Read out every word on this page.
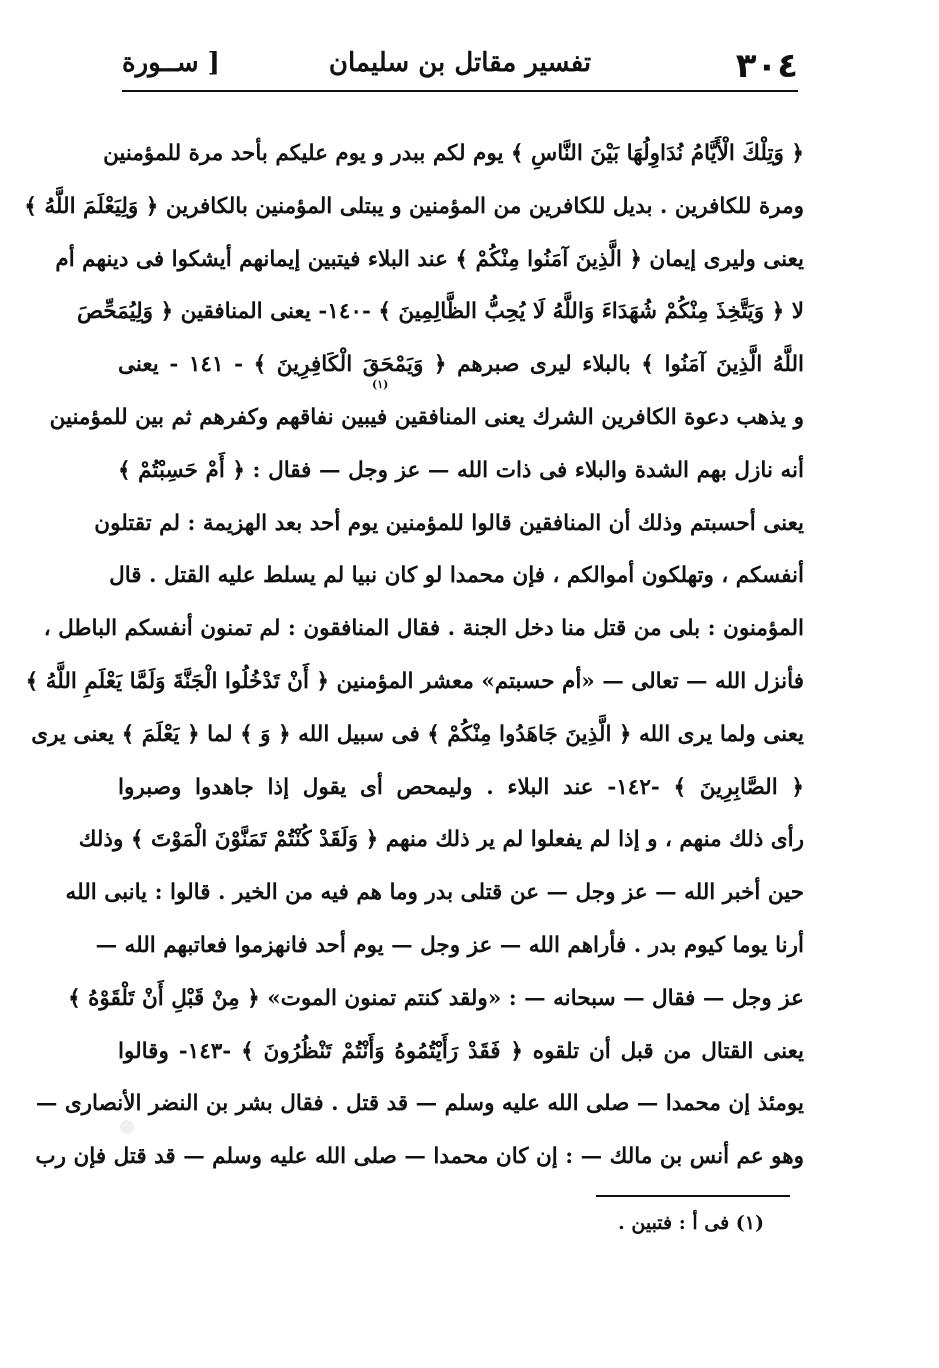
٣٠٤
تفسير مقاتل بن سليمان
[ ســورة
﴿ وَتِلْكَ الْأَيَّامُ نُدَاوِلُهَا بَيْنَ النَّاسِ ﴾ يوم لكم ببدر و يوم عليكم بأحد مرة للمؤمنين
ومرة للكافرين . بديل للكافرين من المؤمنين و يبتلى المؤمنين بالكافرين ﴿ وَلِيَعْلَمَ اللَّهُ ﴾
يعنى وليرى إيمان ﴿ الَّذِينَ آمَنُوا مِنْكُمْ ﴾ عند البلاء فيتبين إيمانهم أيشكوا فى دينهم أم
لا ﴿ وَيَتَّخِذَ مِنْكُمْ شُهَدَاءَ وَاللَّهُ لَا يُحِبُّ الظَّالِمِينَ ﴾ -١٤٠- يعنى المنافقين ﴿ وَلِيُمَحِّصَ
اللَّهُ الَّذِينَ آمَنُوا ﴾ بالبلاء ليرى صبرهم ﴿ وَيَمْحَقَ الْكَافِرِينَ ﴾ - ١٤١ - يعنى
و يذهب دعوة الكافرين الشرك يعنى المنافقين فيبين نفاقهم وكفرهم ثم بين للمؤمنين
أنه نازل بهم الشدة والبلاء فى ذات الله — عز وجل — فقال : ﴿ أَمْ حَسِبْتُمْ ﴾
يعنى أحسبتم وذلك أن المنافقين قالوا للمؤمنين يوم أحد بعد الهزيمة : لم تقتلون
أنفسكم ، وتهلكون أموالكم ، فإن محمدا لو كان نبيا لم يسلط عليه القتل . قال
المؤمنون : بلى من قتل منا دخل الجنة . فقال المنافقون : لم تمنون أنفسكم الباطل ،
فأنزل الله — تعالى — «أم حسبتم» معشر المؤمنين ﴿ أَنْ تَدْخُلُوا الْجَنَّةَ وَلَمَّا يَعْلَمِ اللَّهُ ﴾
يعنى ولما يرى الله ﴿ الَّذِينَ جَاهَدُوا مِنْكُمْ ﴾ فى سبيل الله ﴿ وَ ﴾ لما ﴿ يَعْلَمَ ﴾ يعنى يرى
﴿ الصَّابِرِينَ ﴾ -١٤٢- عند البلاء . وليمحص أى يقول إذا جاهدوا وصبروا
رأى ذلك منهم ، و إذا لم يفعلوا لم ير ذلك منهم ﴿ وَلَقَدْ كُنْتُمْ تَمَنَّوْنَ الْمَوْتَ ﴾ وذلك
حين أخبر الله — عز وجل — عن قتلى بدر وما هم فيه من الخير . قالوا : يانبى الله
أرنا يوما كيوم بدر . فأراهم الله — عز وجل — يوم أحد فانهزموا فعاتبهم الله —
عز وجل — فقال — سبحانه — : «ولقد كنتم تمنون الموت» ﴿ مِنْ قَبْلِ أَنْ تَلْقَوْهُ ﴾
يعنى القتال من قبل أن تلقوه ﴿ فَقَدْ رَأَيْتُمُوهُ وَأَنْتُمْ تَنْظُرُونَ ﴾ -١٤٣- وقالوا
يومئذ إن محمدا — صلى الله عليه وسلم — قد قتل . فقال بشر بن النضر الأنصارى —
وهو عم أنس بن مالك — : إن كان محمدا — صلى الله عليه وسلم — قد قتل فإن رب
(١)
(١) فى أ : فتبين .
